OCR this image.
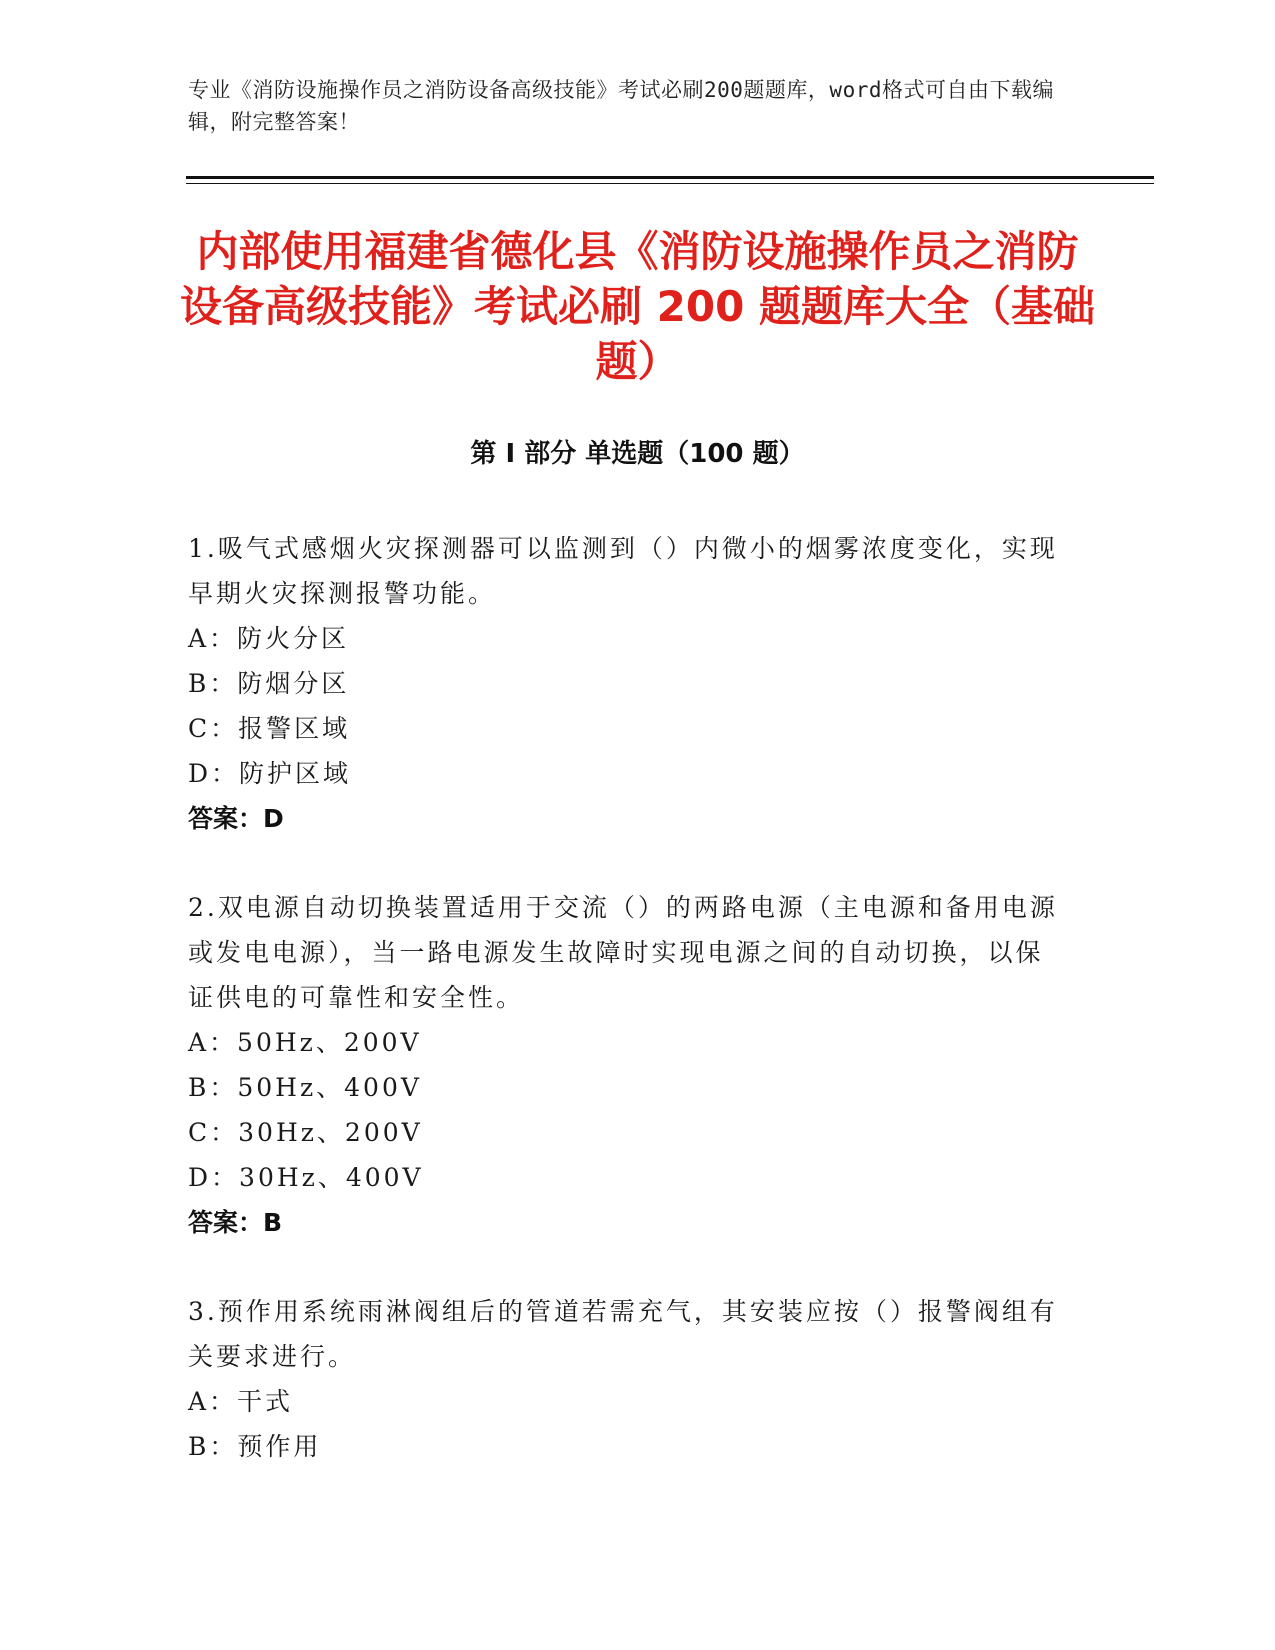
专业《消防设施操作员之消防设备高级技能》考试必刷200题题库，word格式可自由下载编辑，附完整答案！
内部使用福建省德化县《消防设施操作员之消防设备高级技能》考试必刷 200 题题库大全（基础题）
第 I 部分 单选题（100 题）

1.吸气式感烟火灾探测器可以监测到（）内微小的烟雾浓度变化，实现早期火灾探测报警功能。

A：防火分区

B：防烟分区

C：报警区域

D：防护区域

答案：D

2.双电源自动切换装置适用于交流（）的两路电源（主电源和备用电源或发电电源），当一路电源发生故障时实现电源之间的自动切换，以保证供电的可靠性和安全性。

A：50Hz、200V

B：50Hz、400V

C：30Hz、200V

D：30Hz、400V

答案：B

3.预作用系统雨淋阀组后的管道若需充气，其安装应按（）报警阀组有关要求进行。

A：干式

B：预作用
